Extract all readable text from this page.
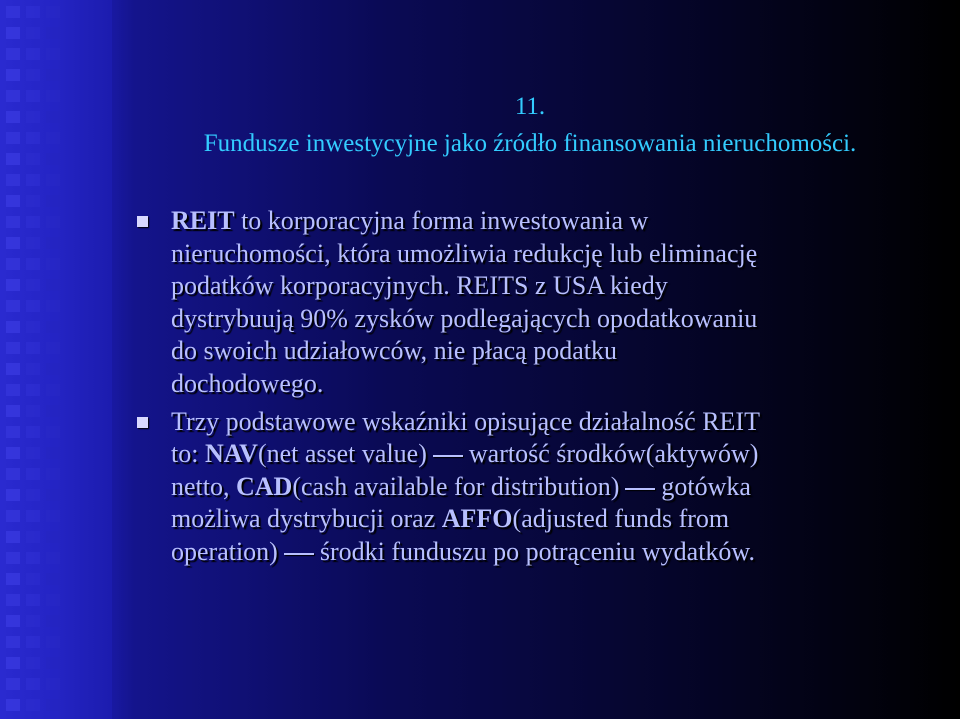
11.
Fundusze inwestycyjne jako źródło finansowania nieruchomości.
REIT to korporacyjna forma inwestowania w
nieruchomości, która umożliwia redukcję lub eliminację
podatków korporacyjnych. REITS z USA kiedy
dystrybuują 90% zysków podlegających opodatkowaniu
do swoich udziałowców, nie płacą podatku
dochodowego.
Trzy podstawowe wskaźniki opisujące działalność REIT
to: NAV(net asset value) wartość środków(aktywów)
netto, CAD(cash available for distribution) gotówka
możliwa dystrybucji oraz AFFO(adjusted funds from
operation) środki funduszu po potrąceniu wydatków.
